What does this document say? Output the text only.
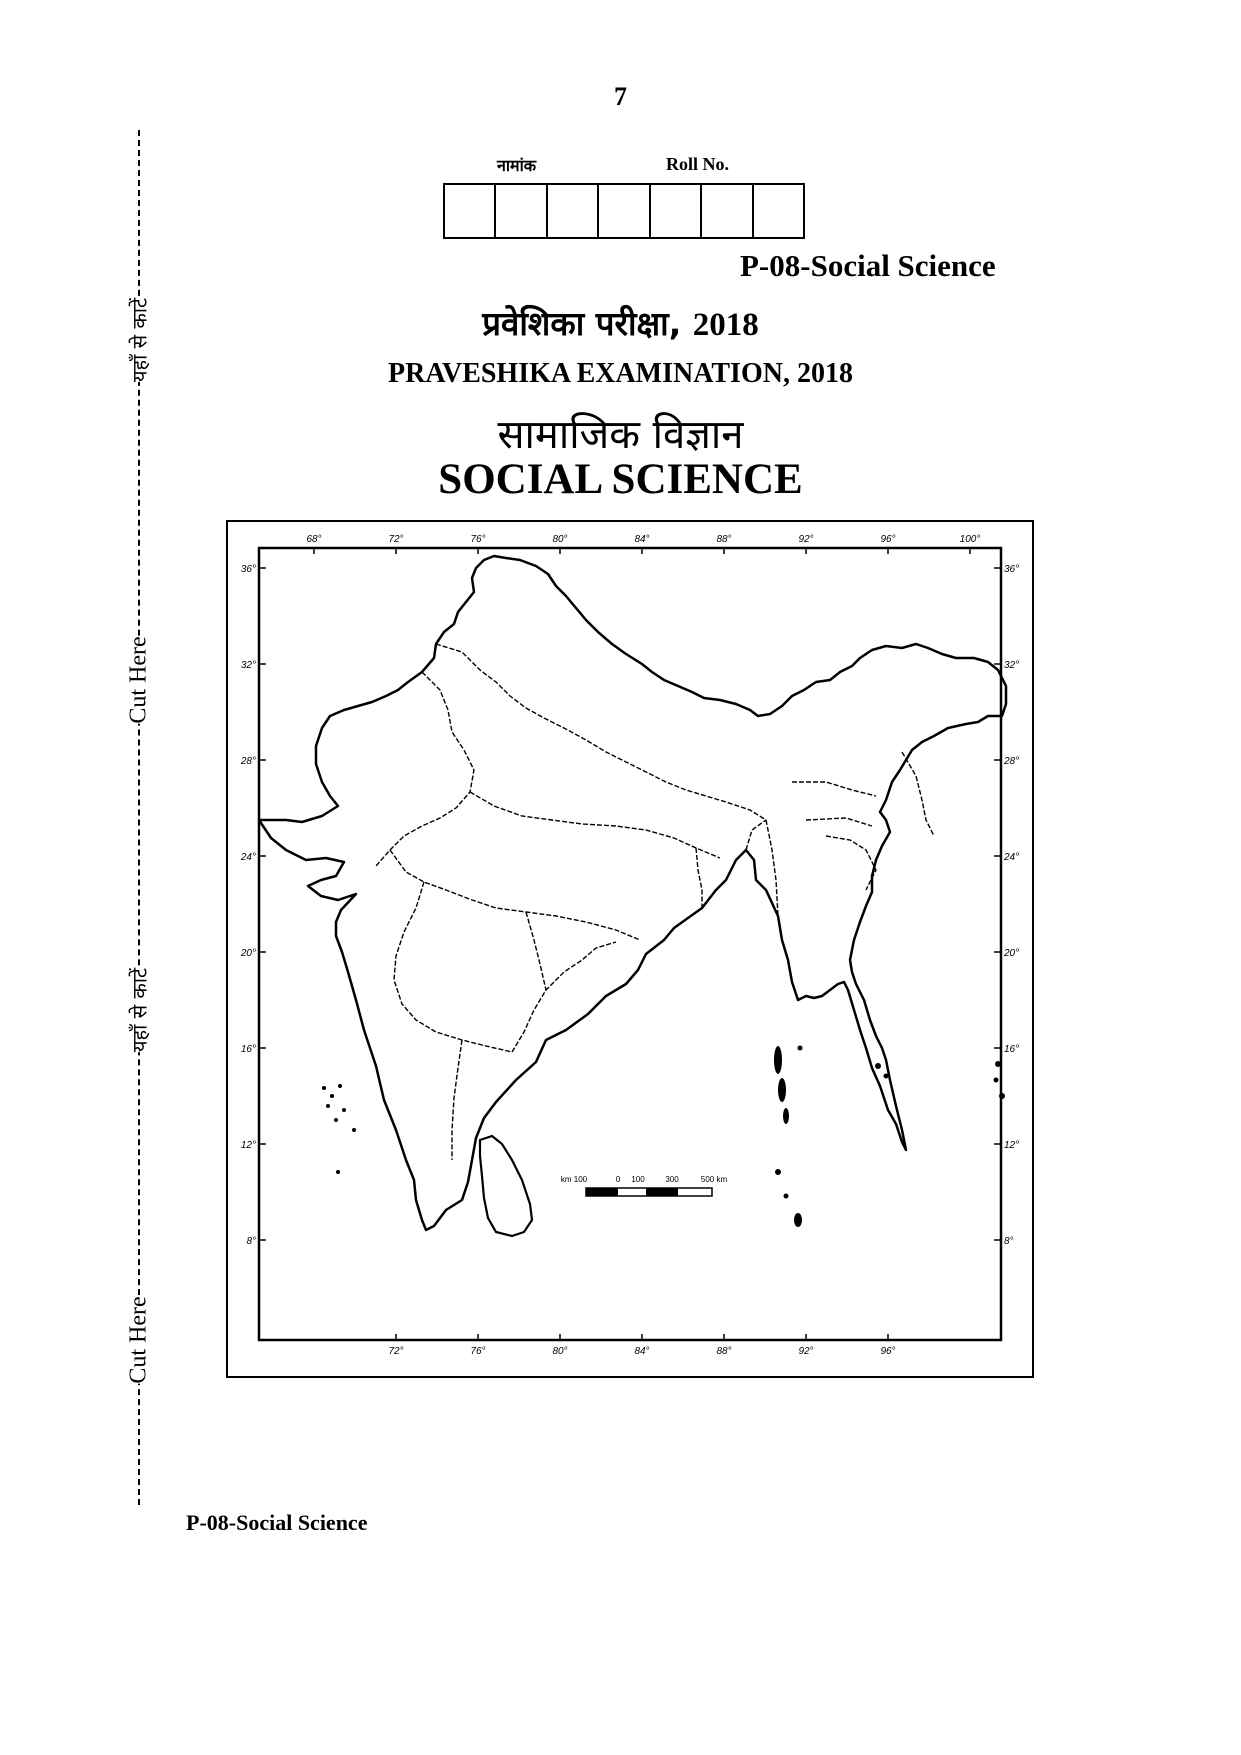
यहाँ से काटें
Cut Here
यहाँ से काटें
Cut Here
7
नामांक	Roll No.
P-08-Social Science
प्रवेशिका परीक्षा, 2018
PRAVESHIKA EXAMINATION, 2018
सामाजिक विज्ञान
SOCIAL SCIENCE
68°	72°	76°	80°	84°	88°	92°	96°	100°
72°	76°	80°	84°	88°	92°	96°
36°
32°
28°
24°
20°
16°
12°
8°
36°
32°
28°
24°
20°
16°
12°
8°
km 100	0 100	300	500 km
P-08-Social Science
